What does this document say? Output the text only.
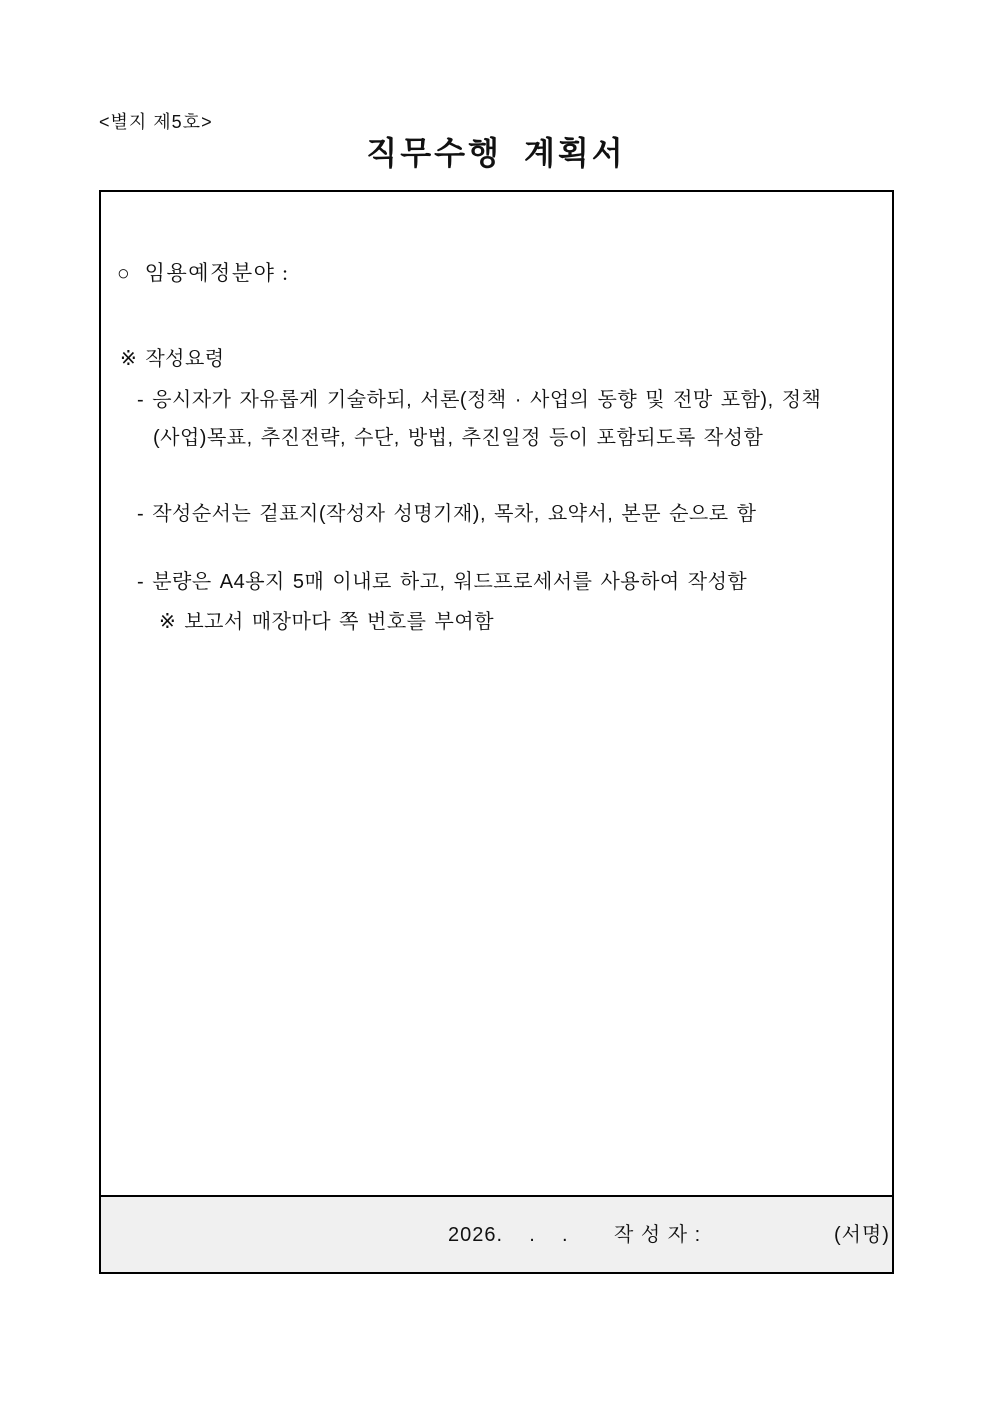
<별지 제5호>
직무수행  계획서
○  임용예정분야 :
※ 작성요령
- 응시자가 자유롭게 기술하되, 서론(정책 · 사업의 동향 및 전망 포함), 정책
(사업)목표, 추진전략, 수단, 방법, 추진일정 등이 포함되도록 작성함
- 작성순서는 겉표지(작성자 성명기재), 목차, 요약서, 본문 순으로 함
- 분량은 A4용지 5매 이내로 하고, 워드프로세서를 사용하여 작성함
※ 보고서 매장마다 쪽 번호를 부여함
2026.    .    . 작 성 자 :	(서명)
